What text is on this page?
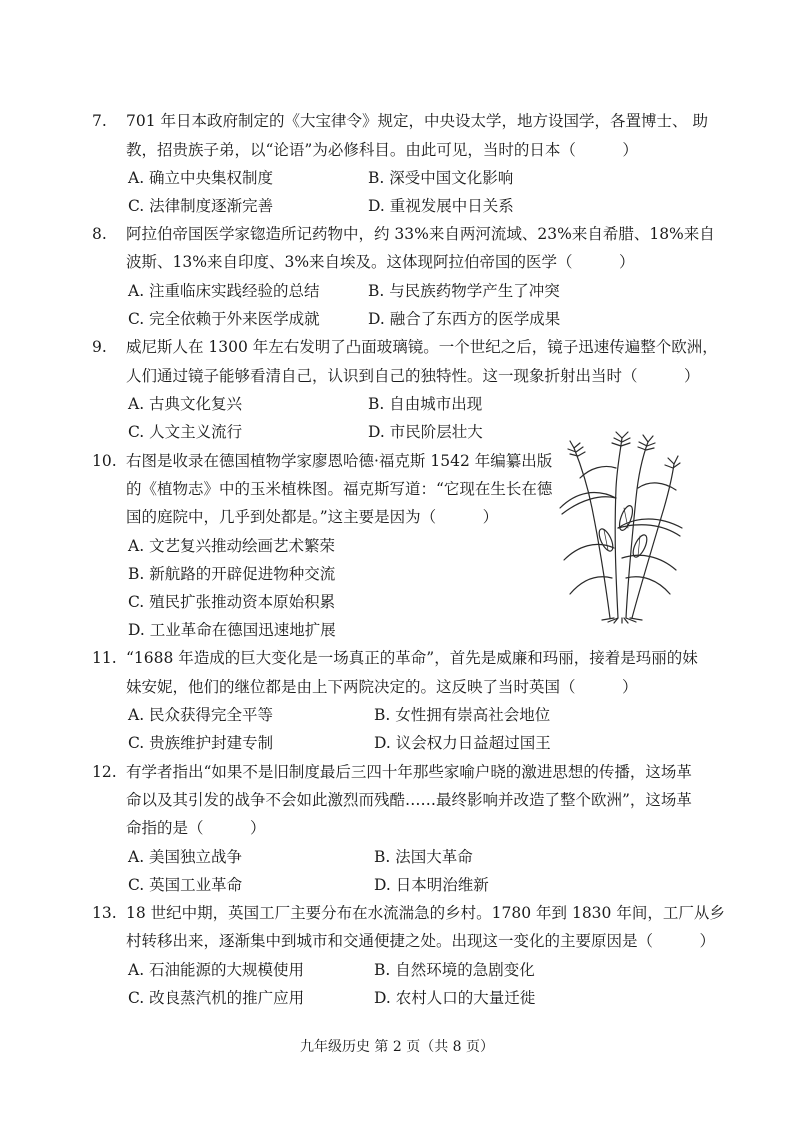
7. 701 年日本政府制定的《大宝律令》规定，中央设太学，地方设国学，各置博士、 助
教，招贵族子弟，以“论语”为必修科目。由此可见，当时的日本（　　　）
A. 确立中央集权制度	B. 深受中国文化影响
C. 法律制度逐渐完善	D. 重视发展中日关系
8. 阿拉伯帝国医学家锪造所记药物中，约 33%来自两河流域、23%来自希腊、18%来自
波斯、13%来自印度、3%来自埃及。这体现阿拉伯帝国的医学（　　　）
A. 注重临床实践经验的总结	B. 与民族药物学产生了冲突
C. 完全依赖于外来医学成就	D. 融合了东西方的医学成果
9. 威尼斯人在 1300 年左右发明了凸面玻璃镜。一个世纪之后，镜子迅速传遍整个欧洲，
人们通过镜子能够看清自己，认识到自己的独特性。这一现象折射出当时（　　　）
A. 古典文化复兴	B. 自由城市出现
C. 人文主义流行	D. 市民阶层壮大
10. 右图是收录在德国植物学家廖恩哈德·福克斯 1542 年编纂出版
的《植物志》中的玉米植株图。福克斯写道：“它现在生长在德
国的庭院中，几乎到处都是。”这主要是因为（　　　）
A. 文艺复兴推动绘画艺术繁荣
B. 新航路的开辟促进物种交流
C. 殖民扩张推动资本原始积累
D. 工业革命在德国迅速地扩展
11. “1688 年造成的巨大变化是一场真正的革命”，首先是威廉和玛丽，接着是玛丽的妹
妹安妮，他们的继位都是由上下两院决定的。这反映了当时英国（　　　）
A. 民众获得完全平等	B. 女性拥有崇高社会地位
C. 贵族维护封建专制	D. 议会权力日益超过国王
12. 有学者指出“如果不是旧制度最后三四十年那些家喻户晓的激进思想的传播，这场革
命以及其引发的战争不会如此激烈而残酷……最终影响并改造了整个欧洲”，这场革
命指的是（　　　）
A. 美国独立战争	B. 法国大革命
C. 英国工业革命	D. 日本明治维新
13. 18 世纪中期，英国工厂主要分布在水流湍急的乡村。1780 年到 1830 年间，工厂从乡
村转移出来，逐渐集中到城市和交通便捷之处。出现这一变化的主要原因是（　　　）
A. 石油能源的大规模使用	B. 自然环境的急剧变化
C. 改良蒸汽机的推广应用	D. 农村人口的大量迁徙
九年级历史 第 2 页（共 8 页）
